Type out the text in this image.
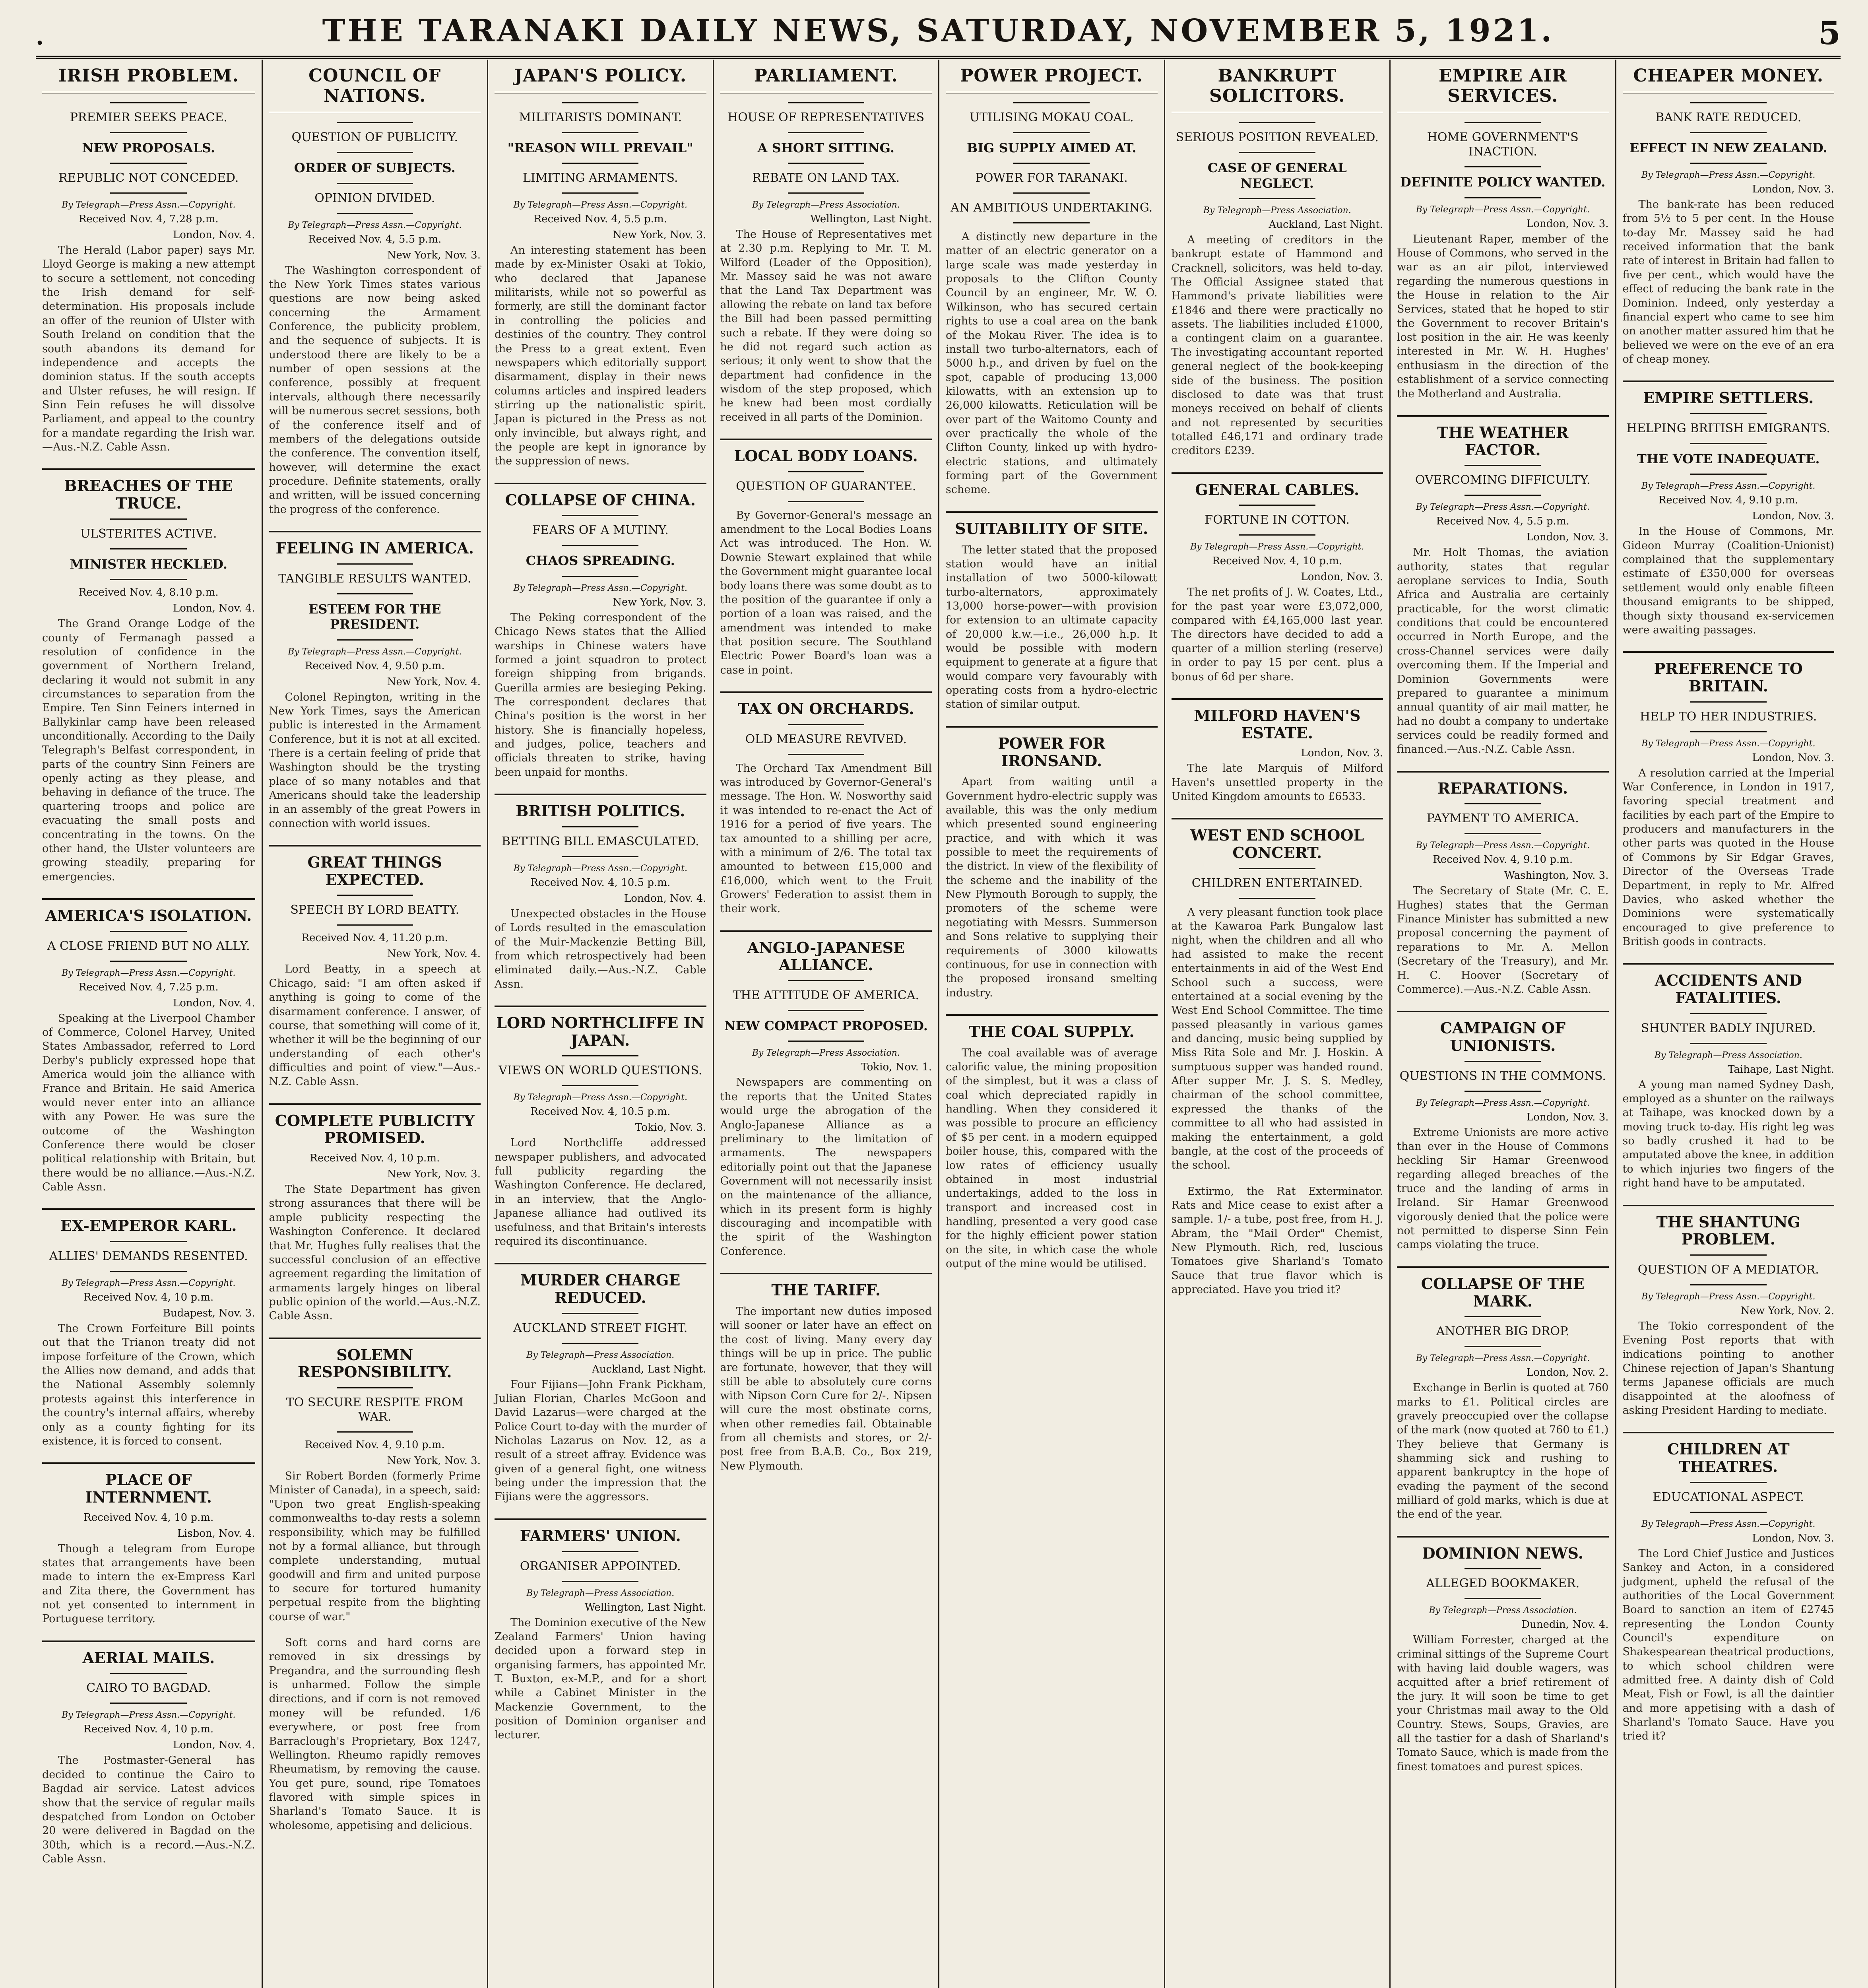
.	THE TARANAKI DAILY NEWS, SATURDAY, NOVEMBER 5, 1921.	5
IRISH PROBLEM.
PREMIER SEEKS PEACE.
NEW PROPOSALS.
REPUBLIC NOT CONCEDED.
By Telegraph—Press Assn.—Copyright.
Received Nov. 4, 7.28 p.m.
London, Nov. 4.

The Herald (Labor paper) says Mr. Lloyd George is making a new attempt to secure a settlement, not conceding the Irish demand for self-determination. His proposals include an offer of the reunion of Ulster with South Ireland on condition that the south abandons its demand for independence and accepts the dominion status. If the south accepts and Ulster refuses, he will resign. If Sinn Fein refuses he will dissolve Parliament, and appeal to the country for a mandate regarding the Irish war.—Aus.-N.Z. Cable Assn.

BREACHES OF THE TRUCE.
ULSTERITES ACTIVE.
MINISTER HECKLED.
Received Nov. 4, 8.10 p.m.
London, Nov. 4.

The Grand Orange Lodge of the county of Fermanagh passed a resolution of confidence in the government of Northern Ireland, declaring it would not submit in any circumstances to separation from the Empire. Ten Sinn Feiners interned in Ballykinlar camp have been released unconditionally. According to the Daily Telegraph's Belfast correspondent, in parts of the country Sinn Feiners are openly acting as they please, and behaving in defiance of the truce. The quartering troops and police are evacuating the small posts and concentrating in the towns. On the other hand, the Ulster volunteers are growing steadily, preparing for emergencies.

AMERICA'S ISOLATION.
A CLOSE FRIEND BUT NO ALLY.
By Telegraph—Press Assn.—Copyright.
Received Nov. 4, 7.25 p.m.
London, Nov. 4.

Speaking at the Liverpool Chamber of Commerce, Colonel Harvey, United States Ambassador, referred to Lord Derby's publicly expressed hope that America would join the alliance with France and Britain. He said America would never enter into an alliance with any Power. He was sure the outcome of the Washington Conference there would be closer political relationship with Britain, but there would be no alliance.—Aus.-N.Z. Cable Assn.

EX-EMPEROR KARL.
ALLIES' DEMANDS RESENTED.
By Telegraph—Press Assn.—Copyright.
Received Nov. 4, 10 p.m.
Budapest, Nov. 3.

The Crown Forfeiture Bill points out that the Trianon treaty did not impose forfeiture of the Crown, which the Allies now demand, and adds that the National Assembly solemnly protests against this interference in the country's internal affairs, whereby only as a county fighting for its existence, it is forced to consent.

PLACE OF INTERNMENT.
Received Nov. 4, 10 p.m.
Lisbon, Nov. 4.

Though a telegram from Europe states that arrangements have been made to intern the ex-Empress Karl and Zita there, the Government has not yet consented to internment in Portuguese territory.

AERIAL MAILS.
CAIRO TO BAGDAD.
By Telegraph—Press Assn.—Copyright.
Received Nov. 4, 10 p.m.
London, Nov. 4.

The Postmaster-General has decided to continue the Cairo to Bagdad air service. Latest advices show that the service of regular mails despatched from London on October 20 were delivered in Bagdad on the 30th, which is a record.—Aus.-N.Z. Cable Assn.

COUNCIL OF NATIONS.
QUESTION OF PUBLICITY.
ORDER OF SUBJECTS.
OPINION DIVIDED.
By Telegraph—Press Assn.—Copyright.
Received Nov. 4, 5.5 p.m.
New York, Nov. 3.

The Washington correspondent of the New York Times states various questions are now being asked concerning the Armament Conference, the publicity problem, and the sequence of subjects. It is understood there are likely to be a number of open sessions at the conference, possibly at frequent intervals, although there necessarily will be numerous secret sessions, both of the conference itself and of members of the delegations outside the conference. The convention itself, however, will determine the exact procedure. Definite statements, orally and written, will be issued concerning the progress of the conference.

FEELING IN AMERICA.
TANGIBLE RESULTS WANTED.
ESTEEM FOR THE PRESIDENT.
By Telegraph—Press Assn.—Copyright.
Received Nov. 4, 9.50 p.m.
New York, Nov. 4.

Colonel Repington, writing in the New York Times, says the American public is interested in the Armament Conference, but it is not at all excited. There is a certain feeling of pride that Washington should be the trysting place of so many notables and that Americans should take the leadership in an assembly of the great Powers in connection with world issues.

GREAT THINGS EXPECTED.
SPEECH BY LORD BEATTY.
Received Nov. 4, 11.20 p.m.
New York, Nov. 4.

Lord Beatty, in a speech at Chicago, said: "I am often asked if anything is going to come of the disarmament conference. I answer, of course, that something will come of it, whether it will be the beginning of our understanding of each other's difficulties and point of view."—Aus.-N.Z. Cable Assn.

COMPLETE PUBLICITY PROMISED.
Received Nov. 4, 10 p.m.
New York, Nov. 3.

The State Department has given strong assurances that there will be ample publicity respecting the Washington Conference. It declared that Mr. Hughes fully realises that the successful conclusion of an effective agreement regarding the limitation of armaments largely hinges on liberal public opinion of the world.—Aus.-N.Z. Cable Assn.

SOLEMN RESPONSIBILITY.
TO SECURE RESPITE FROM WAR.
Received Nov. 4, 9.10 p.m.
New York, Nov. 3.

Sir Robert Borden (formerly Prime Minister of Canada), in a speech, said: "Upon two great English-speaking commonwealths to-day rests a solemn responsibility, which may be fulfilled not by a formal alliance, but through complete understanding, mutual goodwill and firm and united purpose to secure for tortured humanity perpetual respite from the blighting course of war."

Soft corns and hard corns are removed in six dressings by Pregandra, and the surrounding flesh is unharmed. Follow the simple directions, and if corn is not removed money will be refunded. 1/6 everywhere, or post free from Barraclough's Proprietary, Box 1247, Wellington. Rheumo rapidly removes Rheumatism, by removing the cause. You get pure, sound, ripe Tomatoes flavored with simple spices in Sharland's Tomato Sauce. It is wholesome, appetising and delicious.

JAPAN'S POLICY.
MILITARISTS DOMINANT.
"REASON WILL PREVAIL"
LIMITING ARMAMENTS.
By Telegraph—Press Assn.—Copyright.
Received Nov. 4, 5.5 p.m.
New York, Nov. 3.

An interesting statement has been made by ex-Minister Osaki at Tokio, who declared that Japanese militarists, while not so powerful as formerly, are still the dominant factor in controlling the policies and destinies of the country. They control the Press to a great extent. Even newspapers which editorially support disarmament, display in their news columns articles and inspired leaders stirring up the nationalistic spirit. Japan is pictured in the Press as not only invincible, but always right, and the people are kept in ignorance by the suppression of news.

COLLAPSE OF CHINA.
FEARS OF A MUTINY.
CHAOS SPREADING.
By Telegraph—Press Assn.—Copyright.
New York, Nov. 3.

The Peking correspondent of the Chicago News states that the Allied warships in Chinese waters have formed a joint squadron to protect foreign shipping from brigands. Guerilla armies are besieging Peking. The correspondent declares that China's position is the worst in her history. She is financially hopeless, and judges, police, teachers and officials threaten to strike, having been unpaid for months.

BRITISH POLITICS.
BETTING BILL EMASCULATED.
By Telegraph—Press Assn.—Copyright.
Received Nov. 4, 10.5 p.m.
London, Nov. 4.

Unexpected obstacles in the House of Lords resulted in the emasculation of the Muir-Mackenzie Betting Bill, from which retrospectively had been eliminated daily.—Aus.-N.Z. Cable Assn.

LORD NORTHCLIFFE IN JAPAN.
VIEWS ON WORLD QUESTIONS.
By Telegraph—Press Assn.—Copyright.
Received Nov. 4, 10.5 p.m.
Tokio, Nov. 3.

Lord Northcliffe addressed newspaper publishers, and advocated full publicity regarding the Washington Conference. He declared, in an interview, that the Anglo-Japanese alliance had outlived its usefulness, and that Britain's interests required its discontinuance.

MURDER CHARGE REDUCED.
AUCKLAND STREET FIGHT.
By Telegraph—Press Association.
Auckland, Last Night.

Four Fijians—John Frank Pickham, Julian Florian, Charles McGoon and David Lazarus—were charged at the Police Court to-day with the murder of Nicholas Lazarus on Nov. 12, as a result of a street affray. Evidence was given of a general fight, one witness being under the impression that the Fijians were the aggressors.

FARMERS' UNION.
ORGANISER APPOINTED.
By Telegraph—Press Association.
Wellington, Last Night.

The Dominion executive of the New Zealand Farmers' Union having decided upon a forward step in organising farmers, has appointed Mr. T. Buxton, ex-M.P., and for a short while a Cabinet Minister in the Mackenzie Government, to the position of Dominion organiser and lecturer.

PARLIAMENT.
HOUSE OF REPRESENTATIVES
A SHORT SITTING.
REBATE ON LAND TAX.
By Telegraph—Press Association.
Wellington, Last Night.

The House of Representatives met at 2.30 p.m. Replying to Mr. T. M. Wilford (Leader of the Opposition), Mr. Massey said he was not aware that the Land Tax Department was allowing the rebate on land tax before the Bill had been passed permitting such a rebate. If they were doing so he did not regard such action as serious; it only went to show that the department had confidence in the wisdom of the step proposed, which he knew had been most cordially received in all parts of the Dominion.

LOCAL BODY LOANS.
QUESTION OF GUARANTEE.

By Governor-General's message an amendment to the Local Bodies Loans Act was introduced. The Hon. W. Downie Stewart explained that while the Government might guarantee local body loans there was some doubt as to the position of the guarantee if only a portion of a loan was raised, and the amendment was intended to make that position secure. The Southland Electric Power Board's loan was a case in point.

TAX ON ORCHARDS.
OLD MEASURE REVIVED.

The Orchard Tax Amendment Bill was introduced by Governor-General's message. The Hon. W. Nosworthy said it was intended to re-enact the Act of 1916 for a period of five years. The tax amounted to a shilling per acre, with a minimum of 2/6. The total tax amounted to between £15,000 and £16,000, which went to the Fruit Growers' Federation to assist them in their work.

ANGLO-JAPANESE ALLIANCE.
THE ATTITUDE OF AMERICA.
NEW COMPACT PROPOSED.
By Telegraph—Press Association.
Tokio, Nov. 1.

Newspapers are commenting on the reports that the United States would urge the abrogation of the Anglo-Japanese Alliance as a preliminary to the limitation of armaments. The newspapers editorially point out that the Japanese Government will not necessarily insist on the maintenance of the alliance, which in its present form is highly discouraging and incompatible with the spirit of the Washington Conference.

THE TARIFF.

The important new duties imposed will sooner or later have an effect on the cost of living. Many every day things will be up in price. The public are fortunate, however, that they will still be able to absolutely cure corns with Nipson Corn Cure for 2/-. Nipsen will cure the most obstinate corns, when other remedies fail. Obtainable from all chemists and stores, or 2/- post free from B.A.B. Co., Box 219, New Plymouth.

POWER PROJECT.
UTILISING MOKAU COAL.
BIG SUPPLY AIMED AT.
POWER FOR TARANAKI.
AN AMBITIOUS UNDERTAKING.

A distinctly new departure in the matter of an electric generator on a large scale was made yesterday in proposals to the Clifton County Council by an engineer, Mr. W. O. Wilkinson, who has secured certain rights to use a coal area on the bank of the Mokau River. The idea is to install two turbo-alternators, each of 5000 h.p., and driven by fuel on the spot, capable of producing 13,000 kilowatts, with an extension up to 26,000 kilowatts. Reticulation will be over part of the Waitomo County and over practically the whole of the Clifton County, linked up with hydro-electric stations, and ultimately forming part of the Government scheme.

SUITABILITY OF SITE.

The letter stated that the proposed station would have an initial installation of two 5000-kilowatt turbo-alternators, approximately 13,000 horse-power—with provision for extension to an ultimate capacity of 20,000 k.w.—i.e., 26,000 h.p. It would be possible with modern equipment to generate at a figure that would compare very favourably with operating costs from a hydro-electric station of similar output.

POWER FOR IRONSAND.

Apart from waiting until a Government hydro-electric supply was available, this was the only medium which presented sound engineering practice, and with which it was possible to meet the requirements of the district. In view of the flexibility of the scheme and the inability of the New Plymouth Borough to supply, the promoters of the scheme were negotiating with Messrs. Summerson and Sons relative to supplying their requirements of 3000 kilowatts continuous, for use in connection with the proposed ironsand smelting industry.

THE COAL SUPPLY.

The coal available was of average calorific value, the mining proposition of the simplest, but it was a class of coal which depreciated rapidly in handling. When they considered it was possible to procure an efficiency of $5 per cent. in a modern equipped boiler house, this, compared with the low rates of efficiency usually obtained in most industrial undertakings, added to the loss in transport and increased cost in handling, presented a very good case for the highly efficient power station on the site, in which case the whole output of the mine would be utilised.

BANKRUPT SOLICITORS.
SERIOUS POSITION REVEALED.
CASE OF GENERAL NEGLECT.
By Telegraph—Press Association.
Auckland, Last Night.

A meeting of creditors in the bankrupt estate of Hammond and Cracknell, solicitors, was held to-day. The Official Assignee stated that Hammond's private liabilities were £1846 and there were practically no assets. The liabilities included £1000, a contingent claim on a guarantee. The investigating accountant reported general neglect of the book-keeping side of the business. The position disclosed to date was that trust moneys received on behalf of clients and not represented by securities totalled £46,171 and ordinary trade creditors £239.

GENERAL CABLES.
FORTUNE IN COTTON.
By Telegraph—Press Assn.—Copyright.
Received Nov. 4, 10 p.m.
London, Nov. 3.

The net profits of J. W. Coates, Ltd., for the past year were £3,072,000, compared with £4,165,000 last year. The directors have decided to add a quarter of a million sterling (reserve) in order to pay 15 per cent. plus a bonus of 6d per share.

MILFORD HAVEN'S ESTATE.
London, Nov. 3.

The late Marquis of Milford Haven's unsettled property in the United Kingdom amounts to £6533.

WEST END SCHOOL CONCERT.
CHILDREN ENTERTAINED.

A very pleasant function took place at the Kawaroa Park Bungalow last night, when the children and all who had assisted to make the recent entertainments in aid of the West End School such a success, were entertained at a social evening by the West End School Committee. The time passed pleasantly in various games and dancing, music being supplied by Miss Rita Sole and Mr. J. Hoskin. A sumptuous supper was handed round. After supper Mr. J. S. S. Medley, chairman of the school committee, expressed the thanks of the committee to all who had assisted in making the entertainment, a gold bangle, at the cost of the proceeds of the school.

Extirmo, the Rat Exterminator. Rats and Mice cease to exist after a sample. 1/- a tube, post free, from H. J. Abram, the "Mail Order" Chemist, New Plymouth. Rich, red, luscious Tomatoes give Sharland's Tomato Sauce that true flavor which is appreciated. Have you tried it?

EMPIRE AIR SERVICES.
HOME GOVERNMENT'S INACTION.
DEFINITE POLICY WANTED.
By Telegraph—Press Assn.—Copyright.
London, Nov. 3.

Lieutenant Raper, member of the House of Commons, who served in the war as an air pilot, interviewed regarding the numerous questions in the House in relation to the Air Services, stated that he hoped to stir the Government to recover Britain's lost position in the air. He was keenly interested in Mr. W. H. Hughes' enthusiasm in the direction of the establishment of a service connecting the Motherland and Australia.

THE WEATHER FACTOR.
OVERCOMING DIFFICULTY.
By Telegraph—Press Assn.—Copyright.
Received Nov. 4, 5.5 p.m.
London, Nov. 3.

Mr. Holt Thomas, the aviation authority, states that regular aeroplane services to India, South Africa and Australia are certainly practicable, for the worst climatic conditions that could be encountered occurred in North Europe, and the cross-Channel services were daily overcoming them. If the Imperial and Dominion Governments were prepared to guarantee a minimum annual quantity of air mail matter, he had no doubt a company to undertake services could be readily formed and financed.—Aus.-N.Z. Cable Assn.

REPARATIONS.
PAYMENT TO AMERICA.
By Telegraph—Press Assn.—Copyright.
Received Nov. 4, 9.10 p.m.
Washington, Nov. 3.

The Secretary of State (Mr. C. E. Hughes) states that the German Finance Minister has submitted a new proposal concerning the payment of reparations to Mr. A. Mellon (Secretary of the Treasury), and Mr. H. C. Hoover (Secretary of Commerce).—Aus.-N.Z. Cable Assn.

CAMPAIGN OF UNIONISTS.
QUESTIONS IN THE COMMONS.
By Telegraph—Press Assn.—Copyright.
London, Nov. 3.

Extreme Unionists are more active than ever in the House of Commons heckling Sir Hamar Greenwood regarding alleged breaches of the truce and the landing of arms in Ireland. Sir Hamar Greenwood vigorously denied that the police were not permitted to disperse Sinn Fein camps violating the truce.

COLLAPSE OF THE MARK.
ANOTHER BIG DROP.
By Telegraph—Press Assn.—Copyright.
London, Nov. 2.

Exchange in Berlin is quoted at 760 marks to £1. Political circles are gravely preoccupied over the collapse of the mark (now quoted at 760 to £1.) They believe that Germany is shamming sick and rushing to apparent bankruptcy in the hope of evading the payment of the second milliard of gold marks, which is due at the end of the year.

DOMINION NEWS.
ALLEGED BOOKMAKER.
By Telegraph—Press Association.
Dunedin, Nov. 4.

William Forrester, charged at the criminal sittings of the Supreme Court with having laid double wagers, was acquitted after a brief retirement of the jury. It will soon be time to get your Christmas mail away to the Old Country. Stews, Soups, Gravies, are all the tastier for a dash of Sharland's Tomato Sauce, which is made from the finest tomatoes and purest spices.

CHEAPER MONEY.
BANK RATE REDUCED.
EFFECT IN NEW ZEALAND.
By Telegraph—Press Assn.—Copyright.
London, Nov. 3.

The bank-rate has been reduced from 5½ to 5 per cent. In the House to-day Mr. Massey said he had received information that the bank rate of interest in Britain had fallen to five per cent., which would have the effect of reducing the bank rate in the Dominion. Indeed, only yesterday a financial expert who came to see him on another matter assured him that he believed we were on the eve of an era of cheap money.

EMPIRE SETTLERS.
HELPING BRITISH EMIGRANTS.
THE VOTE INADEQUATE.
By Telegraph—Press Assn.—Copyright.
Received Nov. 4, 9.10 p.m.
London, Nov. 3.

In the House of Commons, Mr. Gideon Murray (Coalition-Unionist) complained that the supplementary estimate of £350,000 for overseas settlement would only enable fifteen thousand emigrants to be shipped, though sixty thousand ex-servicemen were awaiting passages.

PREFERENCE TO BRITAIN.
HELP TO HER INDUSTRIES.
By Telegraph—Press Assn.—Copyright.
London, Nov. 3.

A resolution carried at the Imperial War Conference, in London in 1917, favoring special treatment and facilities by each part of the Empire to producers and manufacturers in the other parts was quoted in the House of Commons by Sir Edgar Graves, Director of the Overseas Trade Department, in reply to Mr. Alfred Davies, who asked whether the Dominions were systematically encouraged to give preference to British goods in contracts.

ACCIDENTS AND FATALITIES.
SHUNTER BADLY INJURED.
By Telegraph—Press Association.
Taihape, Last Night.

A young man named Sydney Dash, employed as a shunter on the railways at Taihape, was knocked down by a moving truck to-day. His right leg was so badly crushed it had to be amputated above the knee, in addition to which injuries two fingers of the right hand have to be amputated.

THE SHANTUNG PROBLEM.
QUESTION OF A MEDIATOR.
By Telegraph—Press Assn.—Copyright.
New York, Nov. 2.

The Tokio correspondent of the Evening Post reports that with indications pointing to another Chinese rejection of Japan's Shantung terms Japanese officials are much disappointed at the aloofness of asking President Harding to mediate.

CHILDREN AT THEATRES.
EDUCATIONAL ASPECT.
By Telegraph—Press Assn.—Copyright.
London, Nov. 3.

The Lord Chief Justice and Justices Sankey and Acton, in a considered judgment, upheld the refusal of the authorities of the Local Government Board to sanction an item of £2745 representing the London County Council's expenditure on Shakespearean theatrical productions, to which school children were admitted free. A dainty dish of Cold Meat, Fish or Fowl, is all the daintier and more appetising with a dash of Sharland's Tomato Sauce. Have you tried it?
